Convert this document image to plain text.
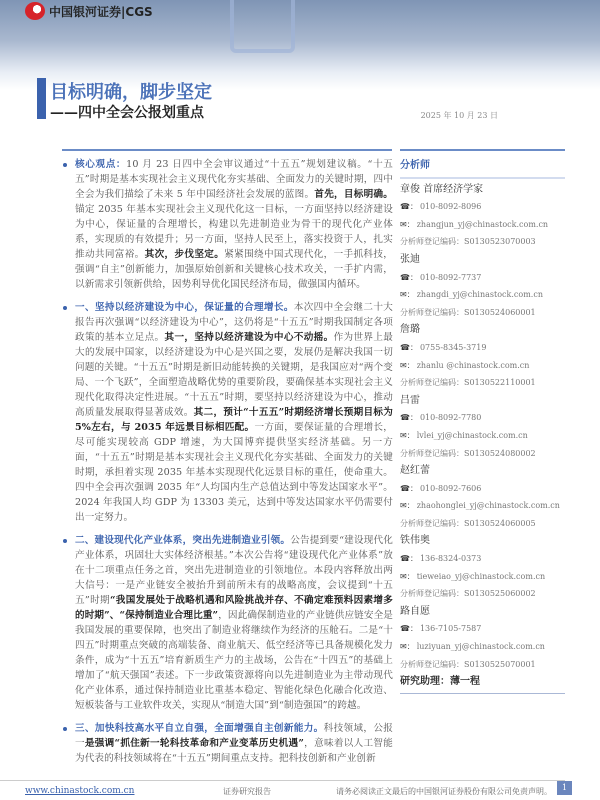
中国银河证券|CGS
目标明确，脚步坚定
——四中全会公报划重点	2025 年 10 月 23 日
核心观点：10 月 23 日四中全会审议通过“十五五”规划建议稿。“十五五”时期是基本实现社会主义现代化夯实基础、全面发力的关键时期，四中全会为我们描绘了未来 5 年中国经济社会发展的蓝图。首先，目标明确。锚定 2035 年基本实现社会主义现代化这一目标，一方面坚持以经济建设为中心，保证量的合理增长，构建以先进制造业为骨干的现代化产业体系，实现质的有效提升；另一方面，坚持人民至上，落实投资于人，扎实推动共同富裕。其次，步伐坚定。紧紧围绕中国式现代化，一手抓科技，强调“自主”创新能力，加强原始创新和关键核心技术攻关，一手扩内需，以新需求引领新供给，因势利导优化国民经济布局，做强国内循环。
一、坚持以经济建设为中心，保证量的合理增长。本次四中全会继二十大报告再次强调“以经济建设为中心”，这仍将是“十五五”时期我国制定各项政策的基本立足点。其一，坚持以经济建设为中心不动摇。作为世界上最大的发展中国家，以经济建设为中心是兴国之要，发展仍是解决我国一切问题的关键。“十五五”时期是新旧动能转换的关键期，是我国应对“两个变局、一个飞跃”，全面塑造战略优势的重要阶段，要确保基本实现社会主义现代化取得决定性进展。“十五五”时期，要坚持以经济建设为中心，推动高质量发展取得显著成效。其二，预计“十五五”时期经济增长预期目标为 5%左右，与 2035 年远景目标相匹配。一方面，要保证量的合理增长，尽可能实现较高 GDP 增速，为大国博弈提供坚实经济基础。另一方面，“十五五”时期是基本实现社会主义现代化夯实基础、全面发力的关键时期，承担着实现 2035 年基本实现现代化远景目标的重任，使命重大。四中全会再次强调 2035 年“人均国内生产总值达到中等发达国家水平”。2024 年我国人均 GDP 为 13303 美元，达到中等发达国家水平仍需要付出一定努力。
二、建设现代化产业体系，突出先进制造业引领。公告提到要“建设现代化产业体系，巩固壮大实体经济根基。”本次公告将“建设现代化产业体系”放在十二项重点任务之首，突出先进制造业的引领地位。本段内容释放出两大信号：一是产业链安全被抬升到前所未有的战略高度，会议提到“十五五”时期“我国发展处于战略机遇和风险挑战并存、不确定难预料因素增多的时期”、“保持制造业合理比重”，因此确保制造业的产业链供应链安全是我国发展的重要保障，也突出了制造业将继续作为经济的压舱石。二是“十四五”时期重点突破的高端装备、商业航天、低空经济等已具备规模化发力条件，成为“十五五”培育新质生产力的主战场，公告在“十四五”的基础上增加了“航天强国”表述。下一步政策资源将向以先进制造业为主带动现代化产业体系，通过保持制造业比重基本稳定、智能化绿色化融合化改造、短板装备与工业软件攻关，实现从“制造大国”到“制造强国”的跨越。
三、加快科技高水平自立自强，全面增强自主创新能力。科技领域，公报一是强调“抓住新一轮科技革命和产业变革历史机遇”，意味着以人工智能为代表的科技领域将在“十五五”期间重点支持。把科技创新和产业创新
分析师
章俊 首席经济学家
☎： 010-8092-8096
✉： zhangjun_yj@chinastock.com.cn
分析师登记编码：S0130523070003
张迪
☎： 010-8092-7737
✉： zhangdi_yj@chinastock.com.cn
分析师登记编码：S0130524060001
詹璐
☎： 0755-8345-3719
✉： zhanlu @chinastock.com.cn
分析师登记编码：S0130522110001
吕雷
☎： 010-8092-7780
✉： lvlei_yj@chinastock.com.cn
分析师登记编码：S0130524080002
赵红蕾
☎： 010-8092-7606
✉： zhaohonglei_yj@chinastock.com.cn
分析师登记编码：S0130524060005
铁伟奥
☎： 136-8324-0373
✉： tieweiao_yj@chinastock.com.cn
分析师登记编码：S0130525060002
路自愿
☎： 136-7105-7587
✉： luziyuan_yj@chinastock.com.cn
分析师登记编码：S0130525070001
研究助理：薄一程
www.chinastock.com.cn	证券研究报告	请务必阅读正文最后的中国银河证券股份有限公司免责声明。	1
